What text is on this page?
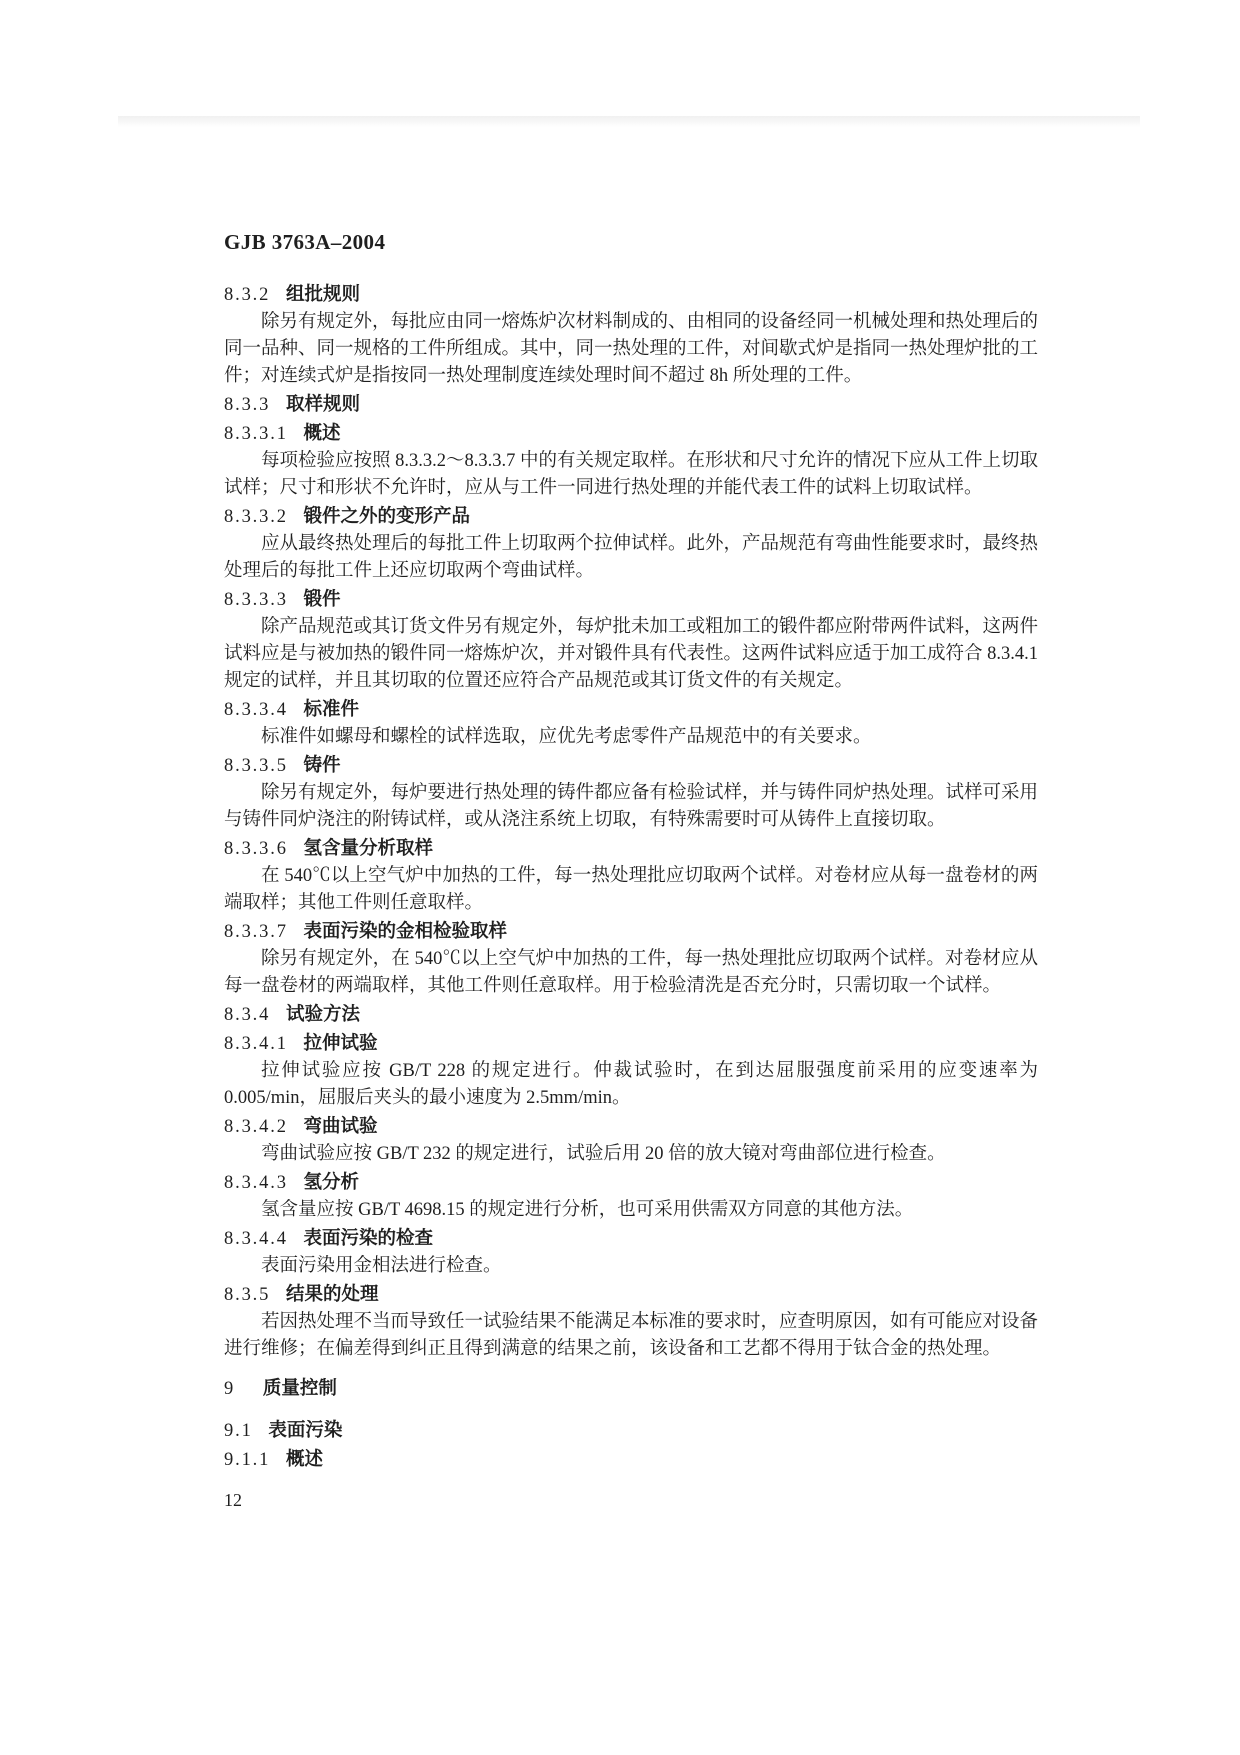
GJB 3763A–2004
8.3.2 组批规则

除另有规定外，每批应由同一熔炼炉次材料制成的、由相同的设备经同一机械处理和热处理后的同一品种、同一规格的工件所组成。其中，同一热处理的工件，对间歇式炉是指同一热处理炉批的工件；对连续式炉是指按同一热处理制度连续处理时间不超过 8h 所处理的工件。

8.3.3 取样规则
8.3.3.1 概述

每项检验应按照 8.3.3.2～8.3.3.7 中的有关规定取样。在形状和尺寸允许的情况下应从工件上切取试样；尺寸和形状不允许时，应从与工件一同进行热处理的并能代表工件的试料上切取试样。

8.3.3.2 锻件之外的变形产品

应从最终热处理后的每批工件上切取两个拉伸试样。此外，产品规范有弯曲性能要求时，最终热处理后的每批工件上还应切取两个弯曲试样。

8.3.3.3 锻件

除产品规范或其订货文件另有规定外，每炉批未加工或粗加工的锻件都应附带两件试料，这两件试料应是与被加热的锻件同一熔炼炉次，并对锻件具有代表性。这两件试料应适于加工成符合 8.3.4.1 规定的试样，并且其切取的位置还应符合产品规范或其订货文件的有关规定。

8.3.3.4 标准件

标准件如螺母和螺栓的试样选取，应优先考虑零件产品规范中的有关要求。

8.3.3.5 铸件

除另有规定外，每炉要进行热处理的铸件都应备有检验试样，并与铸件同炉热处理。试样可采用与铸件同炉浇注的附铸试样，或从浇注系统上切取，有特殊需要时可从铸件上直接切取。

8.3.3.6 氢含量分析取样

在 540℃以上空气炉中加热的工件，每一热处理批应切取两个试样。对卷材应从每一盘卷材的两端取样；其他工件则任意取样。

8.3.3.7 表面污染的金相检验取样

除另有规定外，在 540℃以上空气炉中加热的工件，每一热处理批应切取两个试样。对卷材应从每一盘卷材的两端取样，其他工件则任意取样。用于检验清洗是否充分时，只需切取一个试样。

8.3.4 试验方法
8.3.4.1 拉伸试验

拉伸试验应按 GB/T 228 的规定进行。仲裁试验时，在到达屈服强度前采用的应变速率为 0.005/min，屈服后夹头的最小速度为 2.5mm/min。

8.3.4.2 弯曲试验

弯曲试验应按 GB/T 232 的规定进行，试验后用 20 倍的放大镜对弯曲部位进行检查。

8.3.4.3 氢分析

氢含量应按 GB/T 4698.15 的规定进行分析，也可采用供需双方同意的其他方法。

8.3.4.4 表面污染的检查

表面污染用金相法进行检查。

8.3.5 结果的处理

若因热处理不当而导致任一试验结果不能满足本标准的要求时，应查明原因，如有可能应对设备进行维修；在偏差得到纠正且得到满意的结果之前，该设备和工艺都不得用于钛合金的热处理。

9 质量控制
9.1 表面污染
9.1.1 概述
12
